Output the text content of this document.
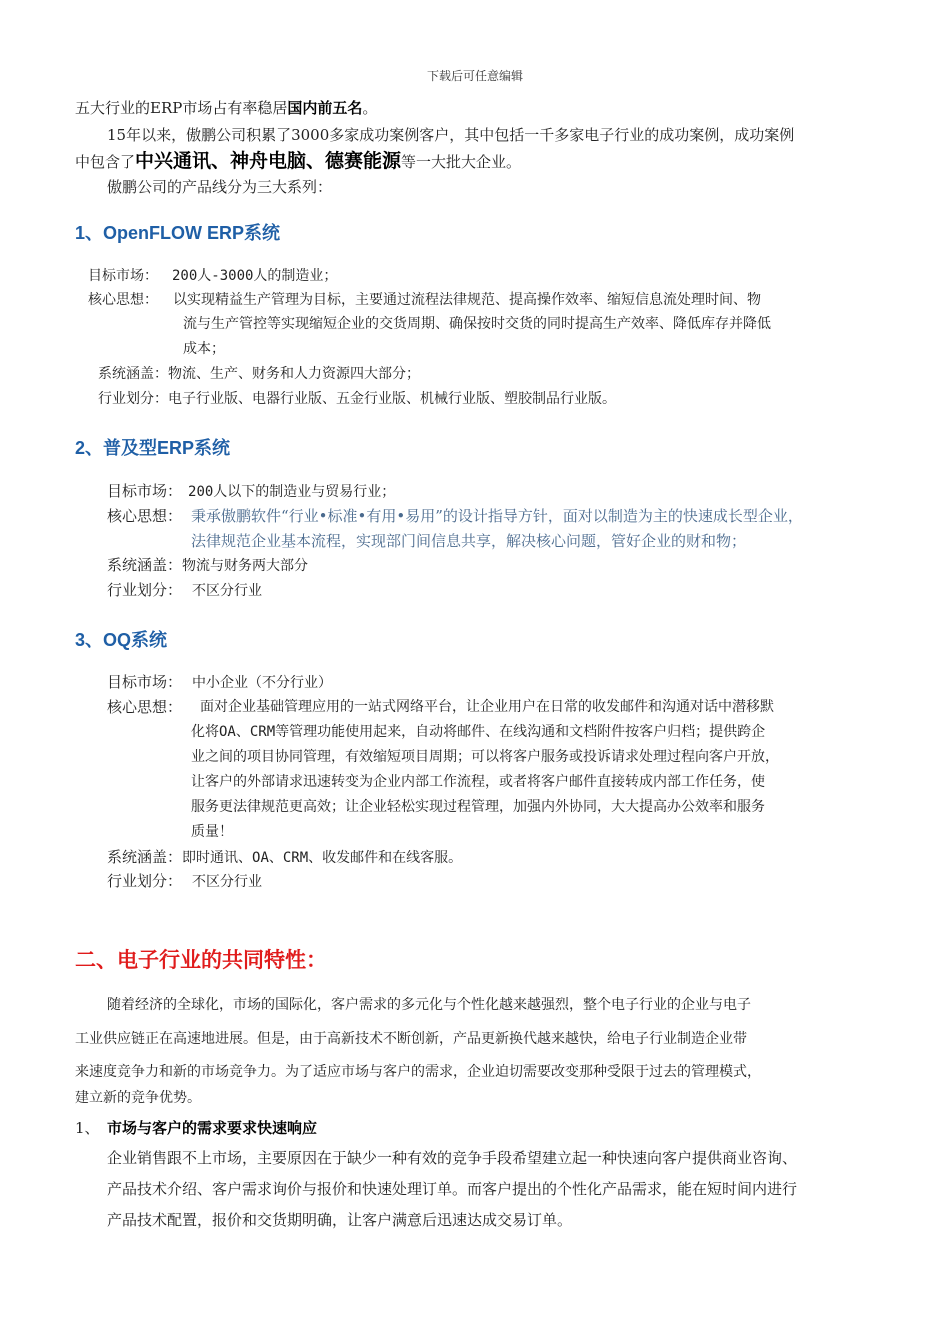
下载后可任意编辑
五大行业的ERP市场占有率稳居国内前五名。
15年以来，傲鹏公司积累了3000多家成功案例客户，其中包括一千多家电子行业的成功案例，成功案例
中包含了中兴通讯、神舟电脑、德赛能源等一大批大企业。
傲鹏公司的产品线分为三大系列：
1、OpenFLOW ERP系统
目标市场： 200人-3000人的制造业；
核心思想： 以实现精益生产管理为目标，主要通过流程法律规范、提高操作效率、缩短信息流处理时间、物
流与生产管控等实现缩短企业的交货周期、确保按时交货的同时提高生产效率、降低库存并降低
成本；
系统涵盖：物流、生产、财务和人力资源四大部分；
行业划分：电子行业版、电器行业版、五金行业版、机械行业版、塑胶制品行业版。
2、普及型ERP系统
目标市场： 200人以下的制造业与贸易行业；
核心思想： 秉承傲鹏软件“行业•标准•有用•易用”的设计指导方针，面对以制造为主的快速成长型企业，
法律规范企业基本流程，实现部门间信息共享，解决核心问题，管好企业的财和物；
系统涵盖：物流与财务两大部分
行业划分： 不区分行业
3、OQ系统
目标市场： 中小企业（不分行业）
核心思想： 面对企业基础管理应用的一站式网络平台，让企业用户在日常的收发邮件和沟通对话中潜移默
化将OA、CRM等管理功能使用起来，自动将邮件、在线沟通和文档附件按客户归档；提供跨企
业之间的项目协同管理，有效缩短项目周期；可以将客户服务或投诉请求处理过程向客户开放，
让客户的外部请求迅速转变为企业内部工作流程，或者将客户邮件直接转成内部工作任务，使
服务更法律规范更高效；让企业轻松实现过程管理，加强内外协同，大大提高办公效率和服务
质量！
系统涵盖：即时通讯、OA、CRM、收发邮件和在线客服。
行业划分： 不区分行业
二、电子行业的共同特性：
随着经济的全球化，市场的国际化，客户需求的多元化与个性化越来越强烈，整个电子行业的企业与电子
工业供应链正在高速地进展。但是，由于高新技术不断创新，产品更新换代越来越快，给电子行业制造企业带
来速度竞争力和新的市场竞争力。为了适应市场与客户的需求，企业迫切需要改变那种受限于过去的管理模式，
建立新的竞争优势。
1、 市场与客户的需求要求快速响应
企业销售跟不上市场，主要原因在于缺少一种有效的竞争手段希望建立起一种快速向客户提供商业咨询、
产品技术介绍、客户需求询价与报价和快速处理订单。而客户提出的个性化产品需求，能在短时间内进行
产品技术配置，报价和交货期明确，让客户满意后迅速达成交易订单。
